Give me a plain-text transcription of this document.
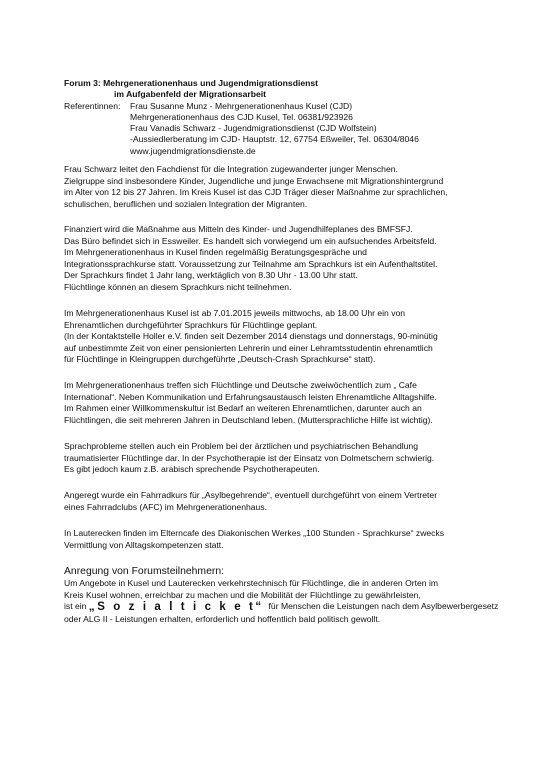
Forum 3: Mehrgenerationenhaus und Jugendmigrationsdienst
im Aufgabenfeld der Migrationsarbeit
Referentinnen: Frau Susanne Munz - Mehrgenerationenhaus Kusel (CJD)
Mehrgenerationenhaus des CJD Kusel, Tel. 06381/923926
Frau Vanadis Schwarz - Jugendmigrationsdienst (CJD Wolfstein)
-Aussiedlerberatung im CJD- Hauptstr. 12, 67754 Eßweiler, Tel. 06304/8046
www.jugendmigrationsdienste.de

Frau Schwarz leitet den Fachdienst für die Integration zugewanderter junger Menschen.

Zielgruppe sind insbesondere Kinder, Jugendliche und junge Erwachsene mit Migrationshintergrund

im Alter von 12 bis 27 Jahren. Im Kreis Kusel ist das CJD Träger dieser Maßnahme zur sprachlichen,

schulischen, beruflichen und sozialen Integration der Migranten.

Finanziert wird die Maßnahme aus Mitteln des Kinder- und Jugendhilfeplanes des BMFSFJ.

Das Büro befindet sich in Essweiler. Es handelt sich vorwiegend um ein aufsuchendes Arbeitsfeld.

Im Mehrgenerationenhaus in Kusel finden regelmäßig Beratungsgespräche und

Integrationssprachkurse statt. Voraussetzung zur Teilnahme am Sprachkurs ist ein Aufenthaltstitel.

Der Sprachkurs findet 1 Jahr lang, werktäglich von 8.30 Uhr - 13.00 Uhr statt.

Flüchtlinge können an diesem Sprachkurs nicht teilnehmen.

Im Mehrgenerationenhaus Kusel ist ab 7.01.2015 jeweils mittwochs, ab 18.00 Uhr ein von

Ehrenamtlichen durchgeführter Sprachkurs für Flüchtlinge geplant.

(In der Kontaktstelle Holler e.V. finden seit Dezember 2014 dienstags und donnerstags, 90-minütig

auf unbestimmte Zeit von einer pensionierten Lehrerin und einer Lehramtsstudentin ehrenamtlich

für Flüchtlinge in Kleingruppen durchgeführte „Deutsch-Crash Sprachkurse“ statt).

Im Mehrgenerationenhaus treffen sich Flüchtlinge und Deutsche zweiwöchentlich zum „ Cafe

International“. Neben Kommunikation und Erfahrungsaustausch leisten Ehrenamtliche Alltagshilfe.

Im Rahmen einer Willkommenskultur ist Bedarf an weiteren Ehrenamtlichen, darunter auch an

Flüchtlingen, die seit mehreren Jahren in Deutschland leben. (Muttersprachliche Hilfe ist wichtig).

Sprachprobleme stellen auch ein Problem bei der ärztlichen und psychiatrischen Behandlung

traumatisierter Flüchtlinge dar. In der Psychotherapie ist der Einsatz von Dolmetschern schwierig.

Es gibt jedoch kaum z.B. arabisch sprechende Psychotherapeuten.

Angeregt wurde ein Fahrradkurs für „Asylbegehrende“, eventuell durchgeführt von einem Vertreter

eines Fahrradclubs (AFC) im Mehrgenerationenhaus.

In Lauterecken finden im Elterncafe des Diakonischen Werkes „100 Stunden - Sprachkurse“ zwecks

Vermittlung von Alltagskompetenzen statt.

Anregung von Forumsteilnehmern:

Um Angebote in Kusel und Lauterecken verkehrstechnisch für Flüchtlinge, die in anderen Orten im

Kreis Kusel wohnen, erreichbar zu machen und die Mobilität der Flüchtlinge zu gewährleisten,

ist ein „S o z i a l t i c k e t“ für Menschen die Leistungen nach dem Asylbewerbergesetz

oder ALG II - Leistungen erhalten, erforderlich und hoffentlich bald politisch gewollt.
